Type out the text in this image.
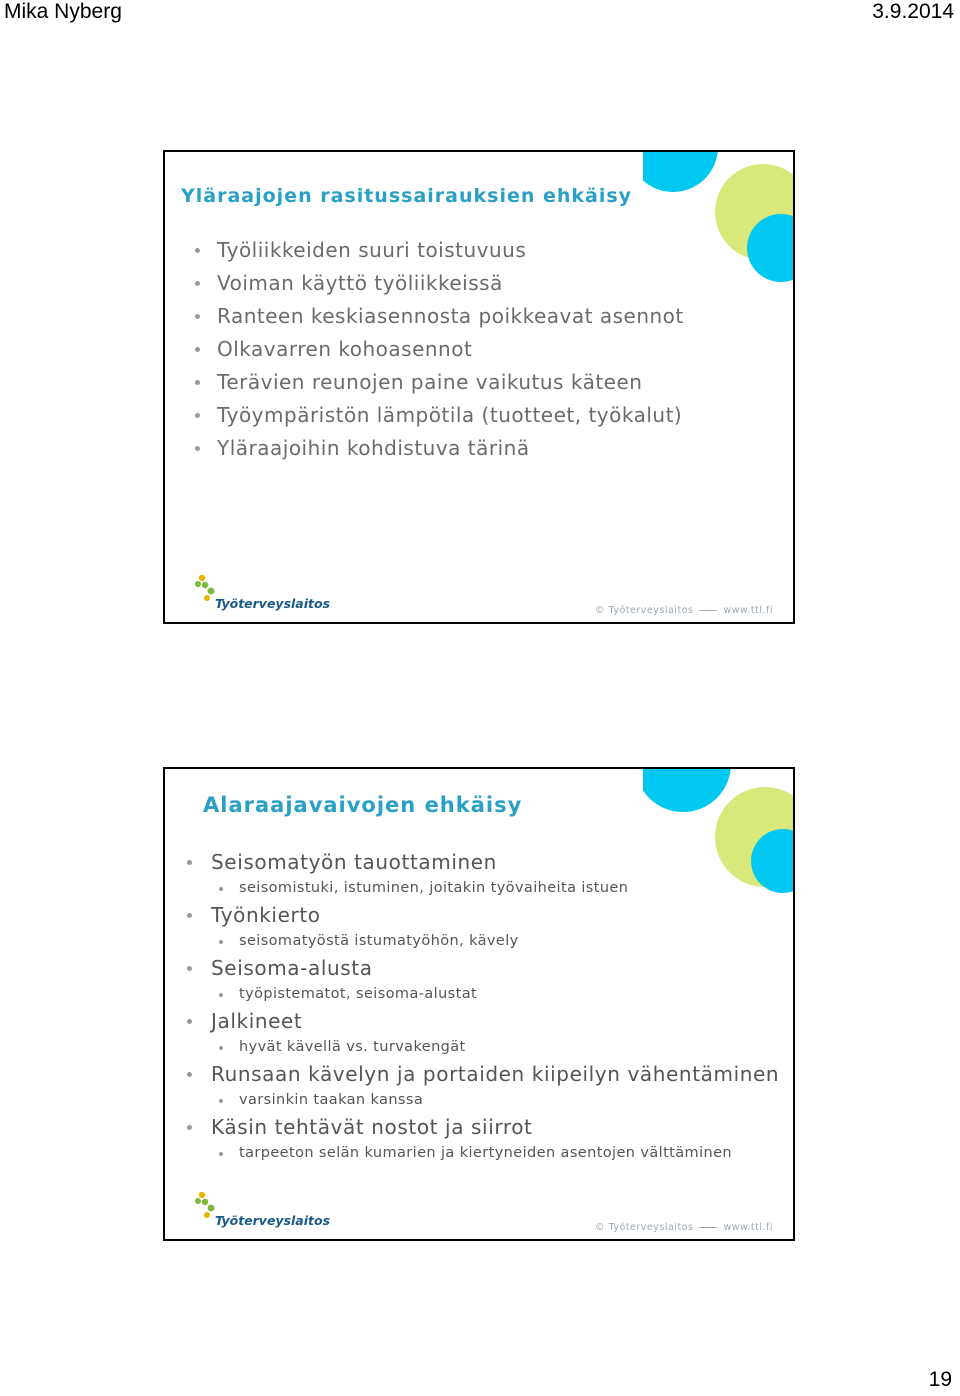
Mika Nyberg	3.9.2014
Yläraajojen rasitussairauksien ehkäisy
Työliikkeiden suuri toistuvuus
Voiman käyttö työliikkeissä
Ranteen keskiasennosta poikkeavat asennot
Olkavarren kohoasennot
Terävien reunojen paine vaikutus käteen
Työympäristön lämpötila (tuotteet, työkalut)
Yläraajoihin kohdistuva tärinä
Työterveyslaitos	© Työterveyslaitos	www.ttl.fi
Alaraajavaivojen ehkäisy
Seisomatyön tauottaminen
seisomistuki, istuminen, joitakin työvaiheita istuen
Työnkierto
seisomatyöstä istumatyöhön, kävely
Seisoma-alusta
työpistematot, seisoma-alustat
Jalkineet
hyvät kävellä vs. turvakengät
Runsaan kävelyn ja portaiden kiipeilyn vähentäminen
varsinkin taakan kanssa
Käsin tehtävät nostot ja siirrot
tarpeeton selän kumarien ja kiertyneiden asentojen välttäminen
Työterveyslaitos	© Työterveyslaitos	www.ttl.fi
19
